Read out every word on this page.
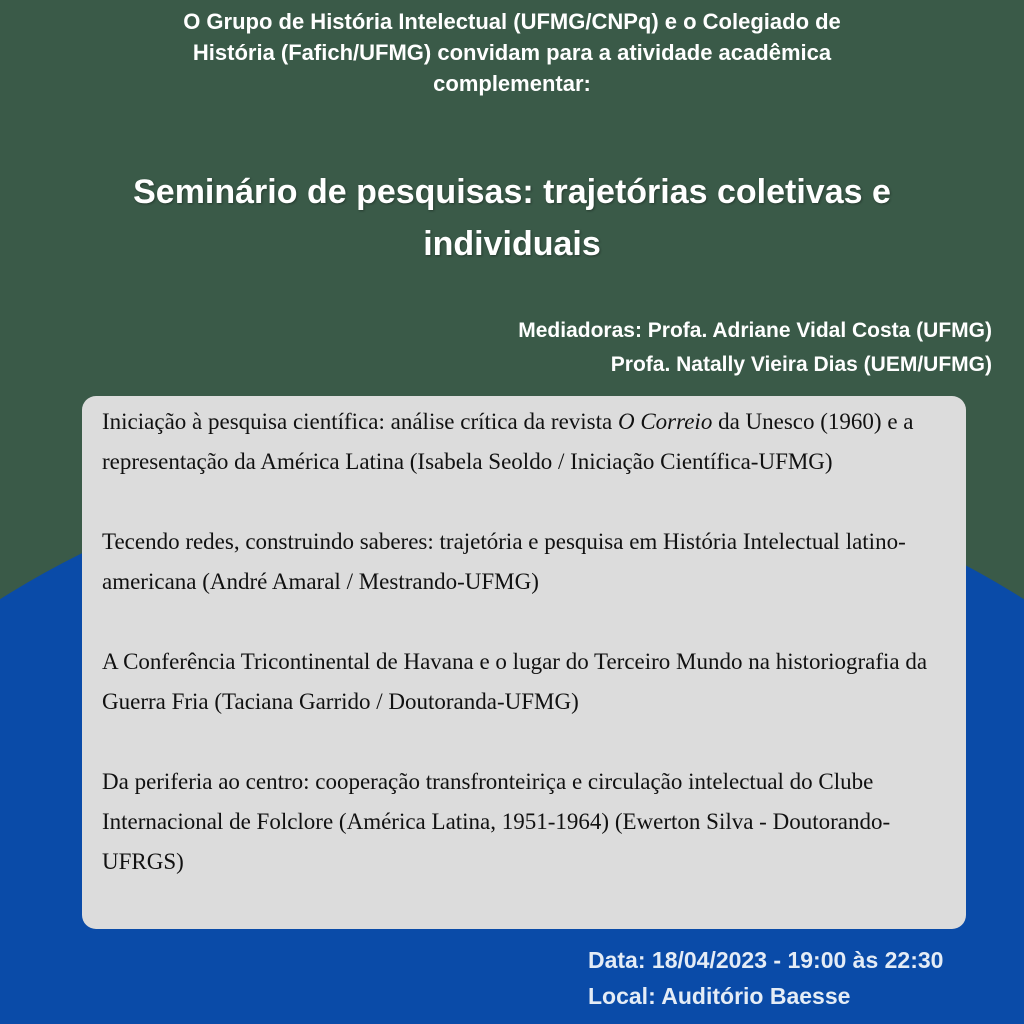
O Grupo de História Intelectual (UFMG/CNPq) e o Colegiado de
História (Fafich/UFMG) convidam para a atividade acadêmica
complementar:
Seminário de pesquisas: trajetórias coletivas e
individuais
Mediadoras: Profa. Adriane Vidal Costa (UFMG)
Profa. Natally Vieira Dias (UEM/UFMG)

Iniciação à pesquisa científica: análise crítica da revista O Correio da Unesco (1960) e a representação da América Latina (Isabela Seoldo / Iniciação Científica-UFMG)

Tecendo redes, construindo saberes: trajetória e pesquisa em História Intelectual latino-americana (André Amaral / Mestrando-UFMG)

A Conferência Tricontinental de Havana e o lugar do Terceiro Mundo na historiografia da Guerra Fria (Taciana Garrido / Doutoranda-UFMG)

Da periferia ao centro: cooperação transfronteiriça e circulação intelectual do Clube Internacional de Folclore (América Latina, 1951-1964) (Ewerton Silva - Doutorando-UFRGS)

Data: 18/04/2023 - 19:00 às 22:30
Local: Auditório Baesse
